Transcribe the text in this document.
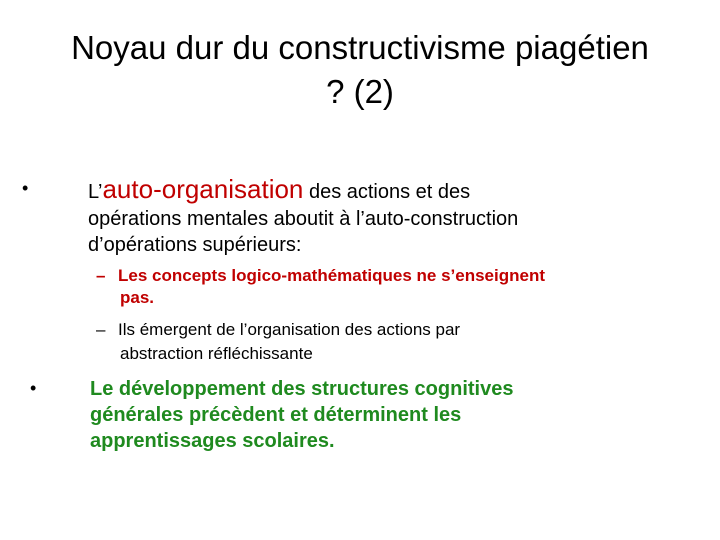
Noyau dur du constructivisme piagétien
? (2)
•	L’auto-organisation des actions et des
opérations mentales aboutit à l’auto-construction
d’opérations supérieurs:
– Les concepts logico-mathématiques ne s’enseignent
pas.
– Ils émergent de l’organisation des actions par
abstraction réfléchissante
•	Le développement des structures cognitives
générales précèdent et déterminent les
apprentissages scolaires.
